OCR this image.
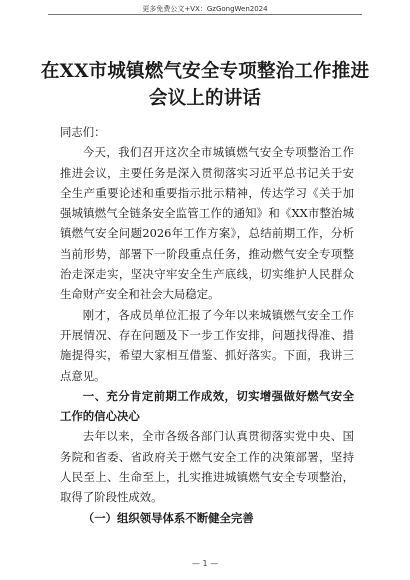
更多免费公文+VX：GzGongWen2024
在XX市城镇燃气安全专项整治工作推进会议上的讲话

同志们：

今天，我们召开这次全市城镇燃气安全专项整治工作推进会议，主要任务是深入贯彻落实习近平总书记关于安全生产重要论述和重要指示批示精神，传达学习《关于加强城镇燃气全链条安全监管工作的通知》和《XX市整治城镇燃气安全问题2026年工作方案》，总结前期工作，分析当前形势，部署下一阶段重点任务，推动燃气安全专项整治走深走实，坚决守牢安全生产底线，切实维护人民群众生命财产安全和社会大局稳定。

刚才，各成员单位汇报了今年以来城镇燃气安全工作开展情况、存在问题及下一步工作安排，问题找得准、措施提得实，希望大家相互借鉴、抓好落实。下面，我讲三点意见。

一、充分肯定前期工作成效，切实增强做好燃气安全工作的信心决心

去年以来，全市各级各部门认真贯彻落实党中央、国务院和省委、省政府关于燃气安全工作的决策部署，坚持人民至上、生命至上，扎实推进城镇燃气安全专项整治，取得了阶段性成效。

（一）组织领导体系不断健全完善

— 1 —
